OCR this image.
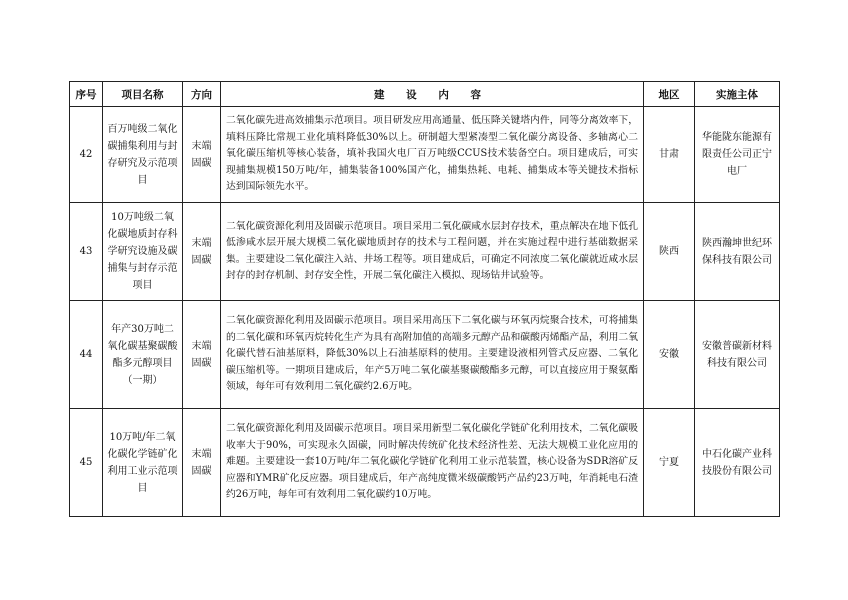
序号	项目名称	方向	建 设 内 容	地区	实施主体
42	百万吨级二氧化碳捕集利用与封存研究及示范项目	末端固碳	二氧化碳先进高效捕集示范项目。项目研发应用高通量、低压降关键塔内件，同等分离效率下，填料压降比常规工业化填料降低30%以上。研制超大型紧凑型二氧化碳分离设备、多轴离心二氧化碳压缩机等核心装备，填补我国火电厂百万吨级CCUS技术装备空白。项目建成后，可实现捕集规模150万吨/年，捕集装备100%国产化，捕集热耗、电耗、捕集成本等关键技术指标达到国际领先水平。	甘肃	华能陇东能源有限责任公司正宁电厂
43	10万吨级二氧化碳地质封存科学研究设施及碳捕集与封存示范项目	末端固碳	二氧化碳资源化利用及固碳示范项目。项目采用二氧化碳咸水层封存技术，重点解决在地下低孔低渗咸水层开展大规模二氧化碳地质封存的技术与工程问题，并在实施过程中进行基础数据采集。主要建设二氧化碳注入站、井场工程等。项目建成后，可确定不同浓度二氧化碳就近咸水层封存的封存机制、封存安全性，开展二氧化碳注入模拟、现场钻井试验等。	陕西	陕西瀚坤世纪环保科技有限公司
44	年产30万吨二氧化碳基聚碳酸酯多元醇项目（一期）	末端固碳	二氧化碳资源化利用及固碳示范项目。项目采用高压下二氧化碳与环氧丙烷聚合技术，可将捕集的二氧化碳和环氧丙烷转化生产为具有高附加值的高端多元醇产品和碳酸丙烯酯产品，利用二氧化碳代替石油基原料，降低30%以上石油基原料的使用。主要建设液相列管式反应器、二氧化碳压缩机等。一期项目建成后，年产5万吨二氧化碳基聚碳酸酯多元醇，可以直接应用于聚氨酯领域，每年可有效利用二氧化碳约2.6万吨。	安徽	安徽普碳新材料科技有限公司
45	10万吨/年二氧化碳化学链矿化利用工业示范项目	末端固碳	二氧化碳资源化利用及固碳示范项目。项目采用新型二氧化碳化学链矿化利用技术，二氧化碳吸收率大于90%，可实现永久固碳，同时解决传统矿化技术经济性差、无法大规模工业化应用的难题。主要建设一套10万吨/年二氧化碳化学链矿化利用工业示范装置，核心设备为SDR溶矿反应器和YMR矿化反应器。项目建成后，年产高纯度微米级碳酸钙产品约23万吨，年消耗电石渣约26万吨，每年可有效利用二氧化碳约10万吨。	宁夏	中石化碳产业科技股份有限公司
